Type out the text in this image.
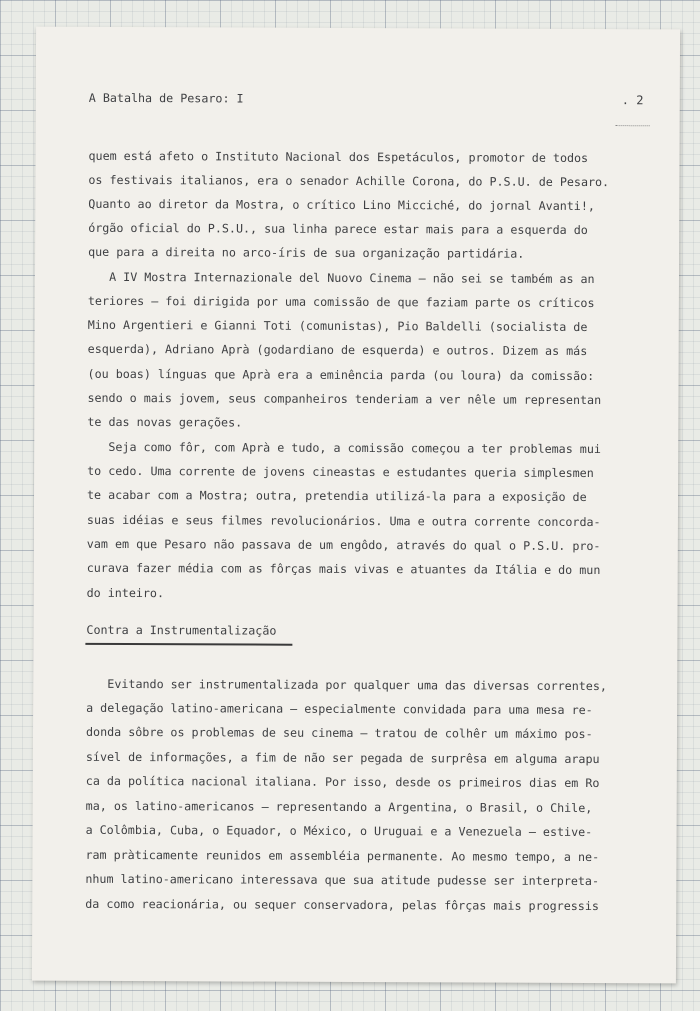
A Batalha de Pesaro: I	. 2

quem está afeto o Instituto Nacional dos Espetáculos, promotor de todos

os festivais italianos, era o senador Achille Corona, do P.S.U. de Pesaro.

Quanto ao diretor da Mostra, o crítico Lino Micciché, do jornal Avanti!,

órgão oficial do P.S.U., sua linha parece estar mais para a esquerda do

que para a direita no arco-íris de sua organização partidária.

A IV Mostra Internazionale del Nuovo Cinema — não sei se também as an

teriores — foi dirigida por uma comissão de que faziam parte os críticos

Mino Argentieri e Gianni Toti (comunistas), Pio Baldelli (socialista de

esquerda), Adriano Aprà (godardiano de esquerda) e outros. Dizem as más

(ou boas) línguas que Aprà era a eminência parda (ou loura) da comissão:

sendo o mais jovem, seus companheiros tenderiam a ver nêle um representan

te das novas gerações.

Seja como fôr, com Aprà e tudo, a comissão começou a ter problemas mui

to cedo. Uma corrente de jovens cineastas e estudantes queria simplesmen

te acabar com a Mostra; outra, pretendia utilizá-la para a exposição de

suas idéias e seus filmes revolucionários. Uma e outra corrente concorda-

vam em que Pesaro não passava de um engôdo, através do qual o P.S.U. pro-

curava fazer média com as fôrças mais vivas e atuantes da Itália e do mun

do inteiro.

Contra a Instrumentalização

Evitando ser instrumentalizada por qualquer uma das diversas correntes,

a delegação latino-americana — especialmente convidada para uma mesa re-

donda sôbre os problemas de seu cinema — tratou de colhêr um máximo pos-

sível de informações, a fim de não ser pegada de surprêsa em alguma arapu

ca da política nacional italiana. Por isso, desde os primeiros dias em Ro

ma, os latino-americanos — representando a Argentina, o Brasil, o Chile,

a Colômbia, Cuba, o Equador, o México, o Uruguai e a Venezuela — estive-

ram pràticamente reunidos em assembléia permanente. Ao mesmo tempo, a ne-

nhum latino-americano interessava que sua atitude pudesse ser interpreta-

da como reacionária, ou sequer conservadora, pelas fôrças mais progressis
